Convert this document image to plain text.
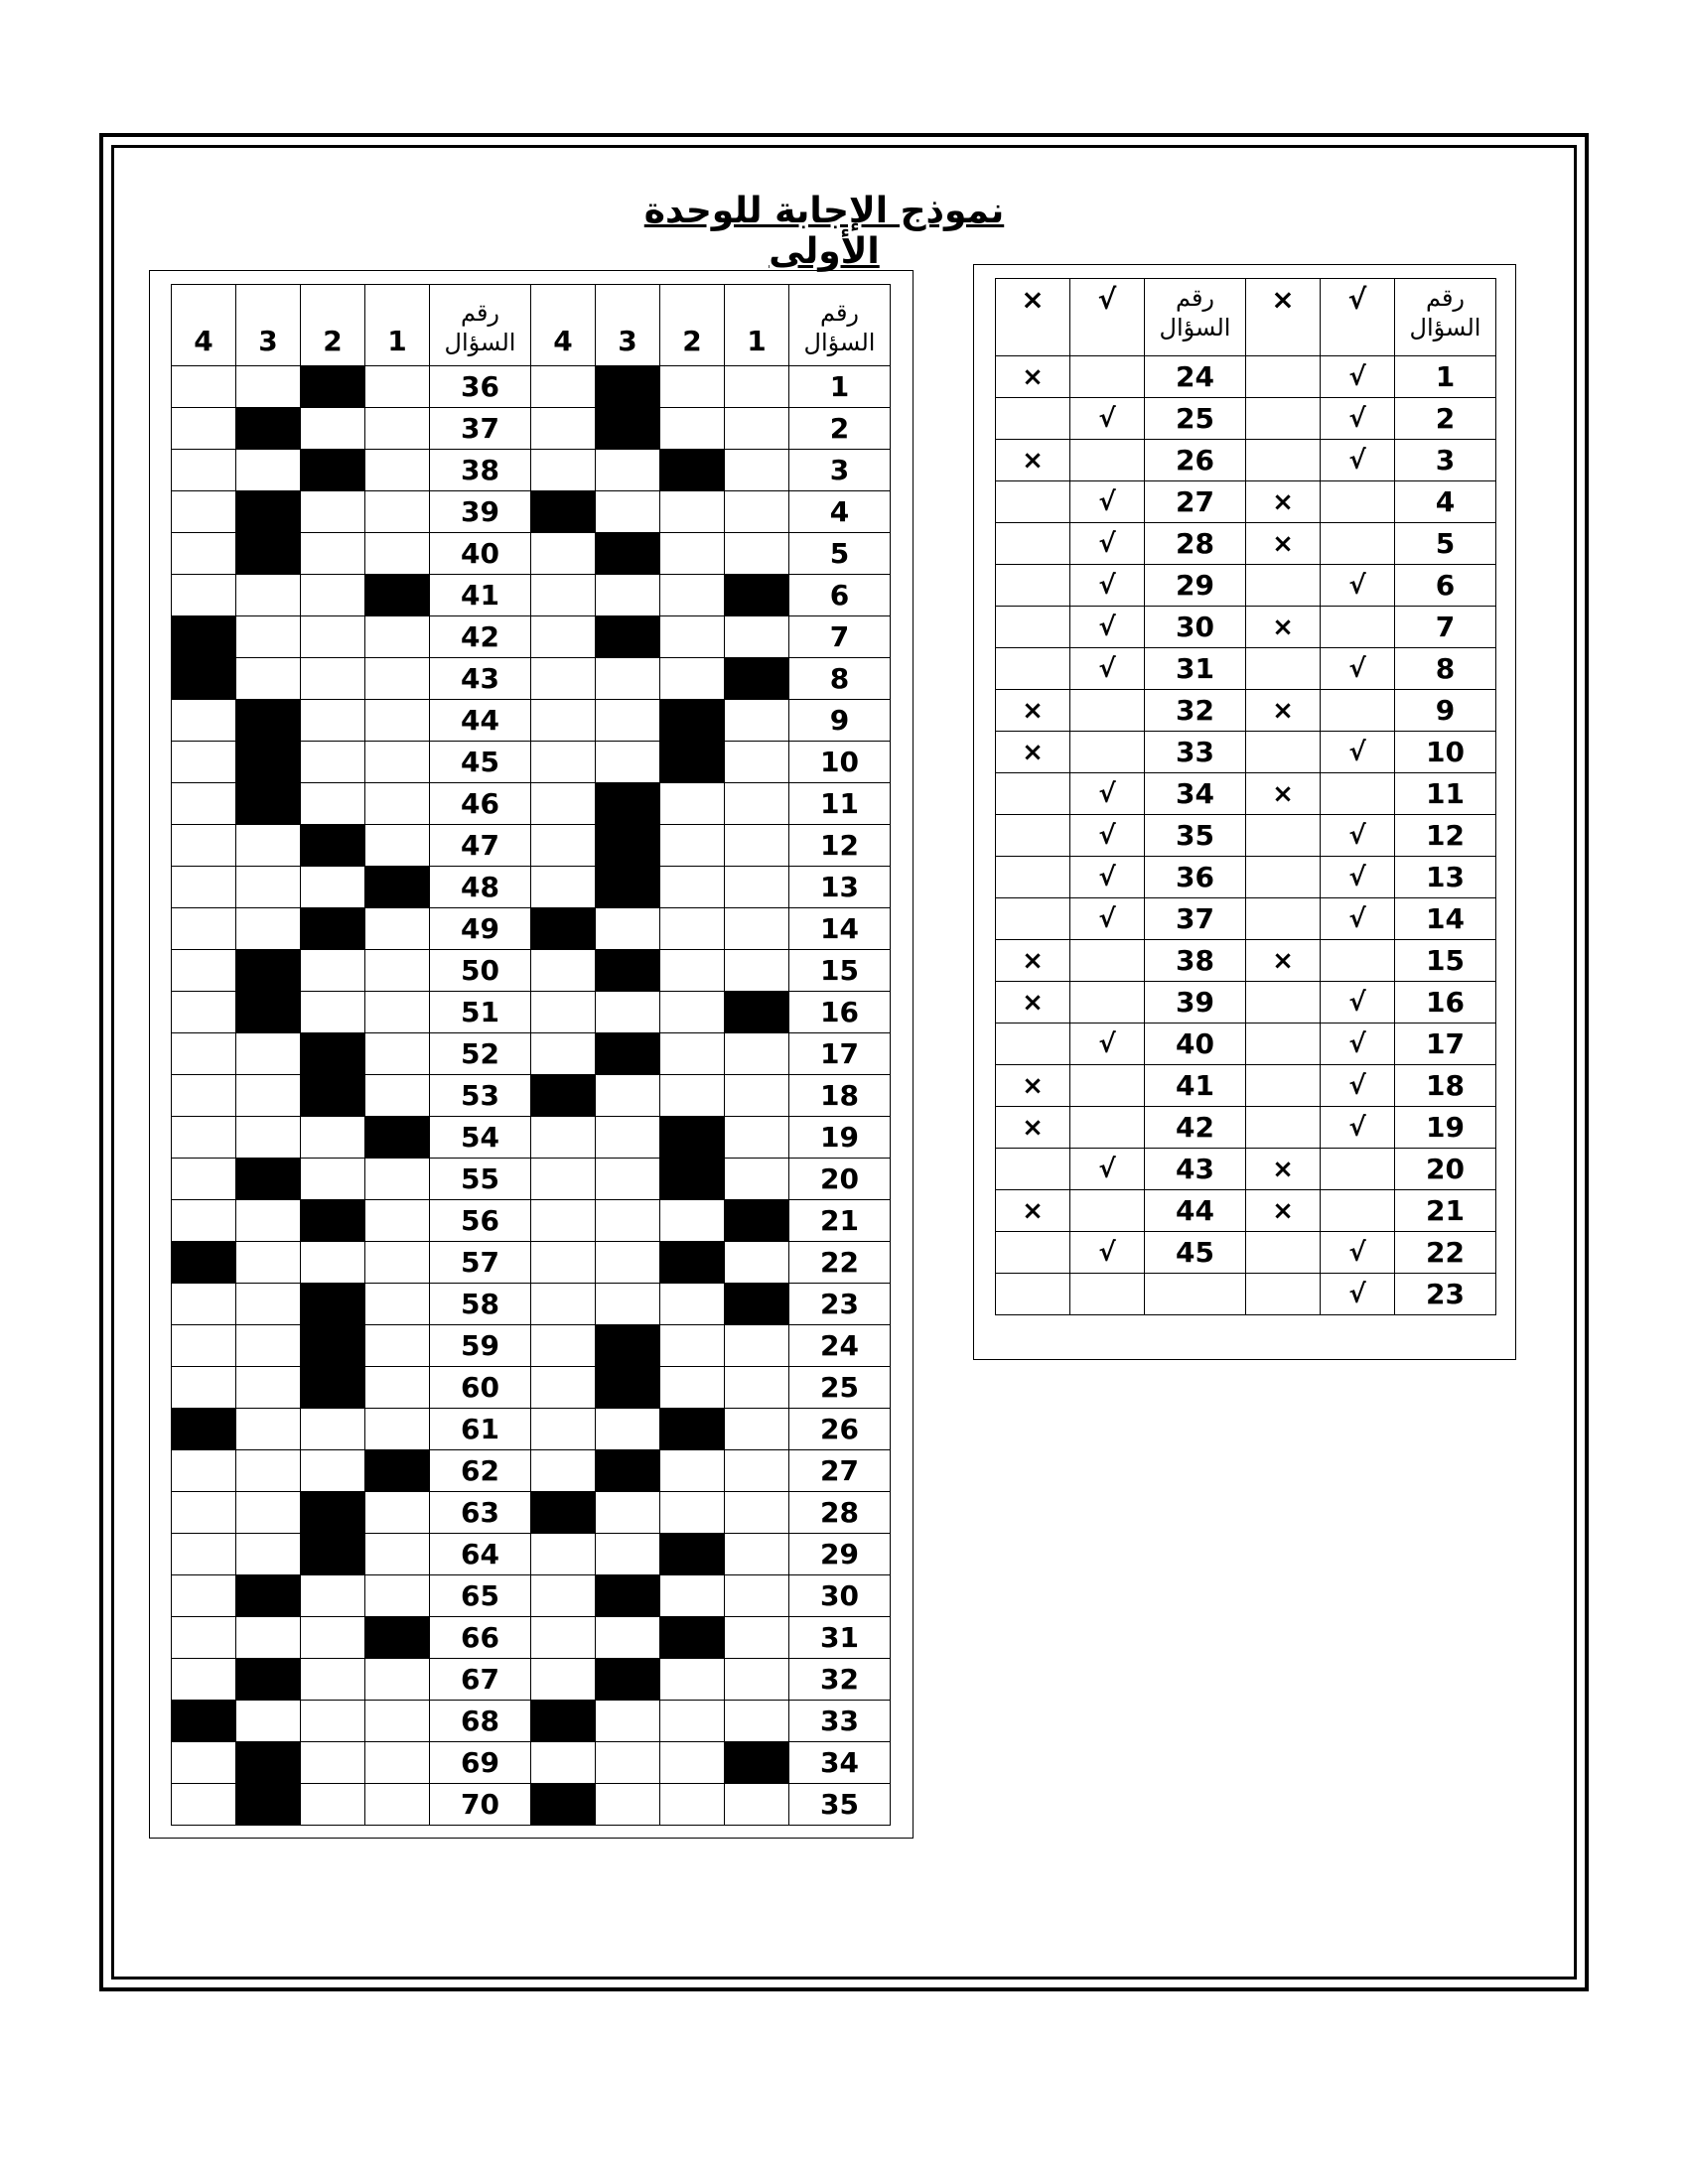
نموذج الإجابة للوحدة الأولى
4	3	2	1	رقم السؤال	4	3	2	1	رقم السؤال
				36					1
				37					2
				38					3
				39					4
				40					5
				41					6
				42					7
				43					8
				44					9
				45					10
				46					11
				47					12
				48					13
				49					14
				50					15
				51					16
				52					17
				53					18
				54					19
				55					20
				56					21
				57					22
				58					23
				59					24
				60					25
				61					26
				62					27
				63					28
				64					29
				65					30
				66					31
				67					32
				68					33
				69					34
				70					35
×	√	رقم السؤال	×	√	رقم السؤال
×		24		√	1
	√	25		√	2
×		26		√	3
	√	27	×		4
	√	28	×		5
	√	29		√	6
	√	30	×		7
	√	31		√	8
×		32	×		9
×		33		√	10
	√	34	×		11
	√	35		√	12
	√	36		√	13
	√	37		√	14
×		38	×		15
×		39		√	16
	√	40		√	17
×		41		√	18
×		42		√	19
	√	43	×		20
×		44	×		21
	√	45		√	22
				√	23
